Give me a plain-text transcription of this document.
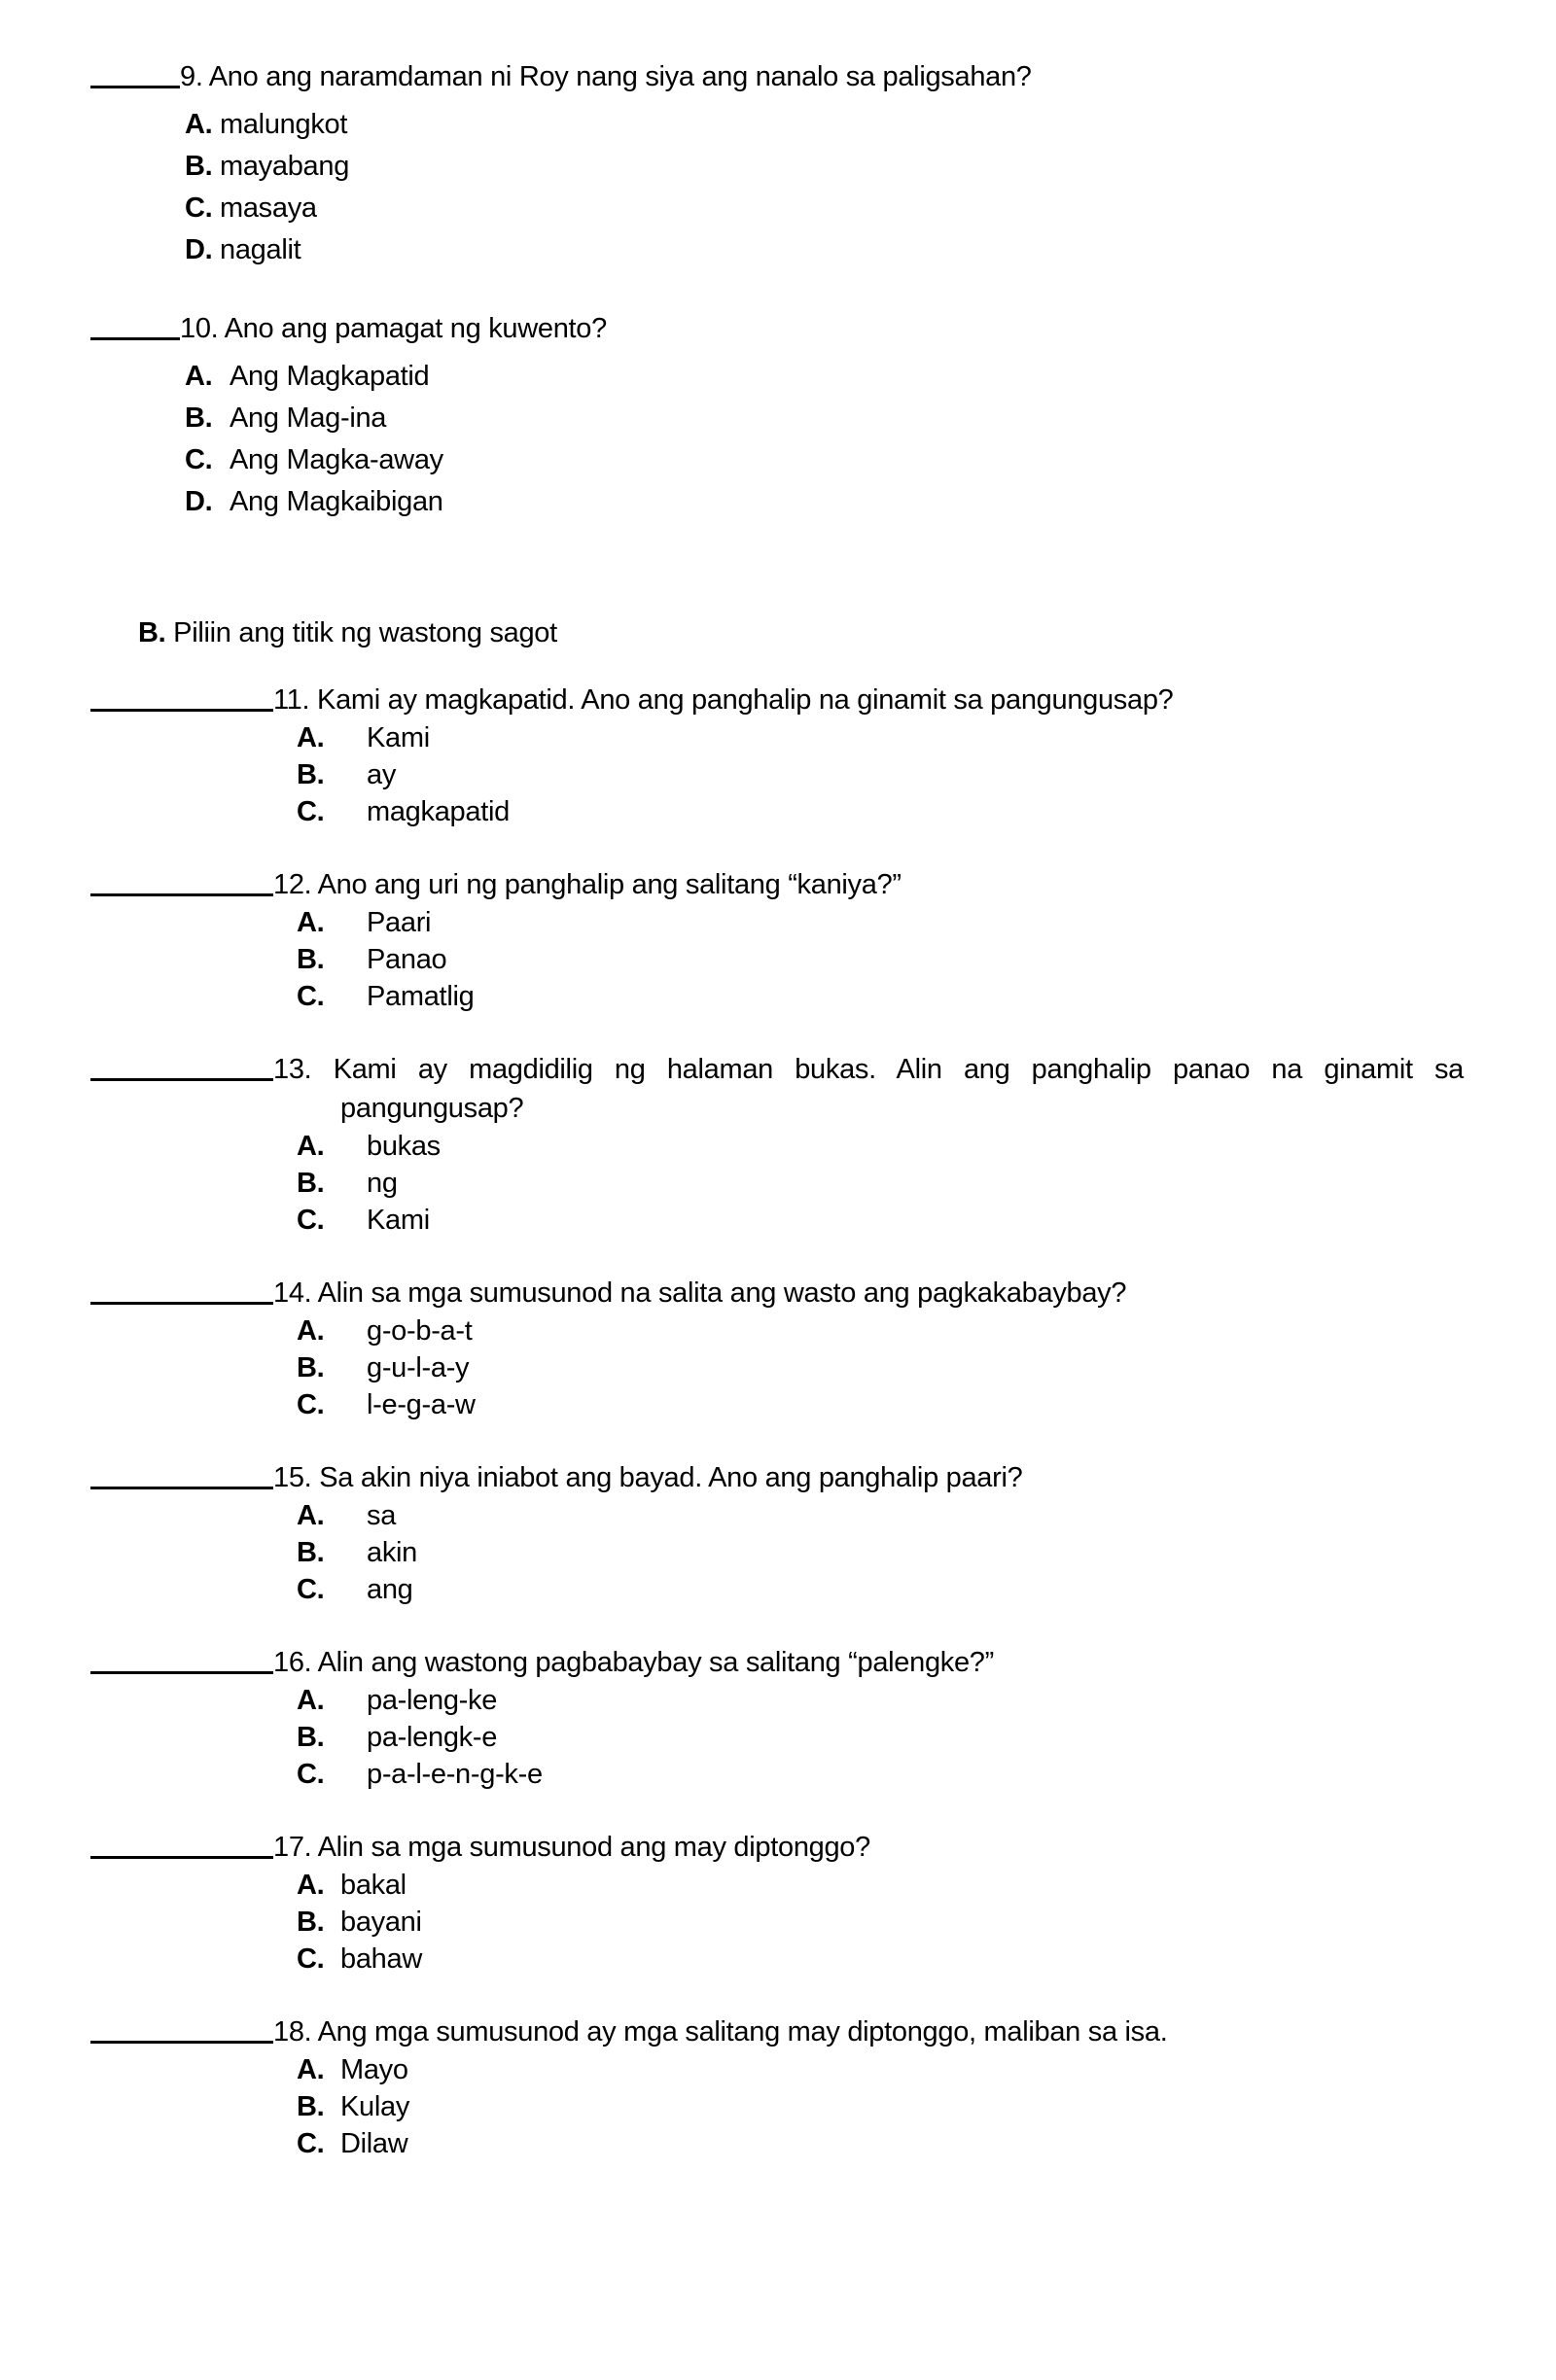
9. Ano ang naramdaman ni Roy nang siya ang nanalo sa paligsahan?
A. malungkot
B. mayabang
C. masaya
D. nagalit
10. Ano ang pamagat ng kuwento?
A. Ang Magkapatid
B. Ang Mag-ina
C. Ang Magka-away
D. Ang Magkaibigan
B. Piliin ang titik ng wastong sagot
11. Kami ay magkapatid. Ano ang panghalip na ginamit sa pangungusap?
A. Kami
B. ay
C. magkapatid
12. Ano ang uri ng panghalip ang salitang “kaniya?”
A. Paari
B. Panao
C. Pamatlig
13. Kami ay magdidilig ng halaman bukas. Alin ang panghalip panao na ginamit sa pangungusap?
A. bukas
B. ng
C. Kami
14. Alin sa mga sumusunod na salita ang wasto ang pagkakabaybay?
A. g-o-b-a-t
B. g-u-l-a-y
C. l-e-g-a-w
15. Sa akin niya iniabot ang bayad. Ano ang panghalip paari?
A. sa
B. akin
C. ang
16. Alin ang wastong pagbabaybay sa salitang “palengke?”
A. pa-leng-ke
B. pa-lengk-e
C. p-a-l-e-n-g-k-e
17. Alin sa mga sumusunod ang may diptonggo?
A. bakal
B. bayani
C. bahaw
18. Ang mga sumusunod ay mga salitang may diptonggo, maliban sa isa.
A. Mayo
B. Kulay
C. Dilaw
